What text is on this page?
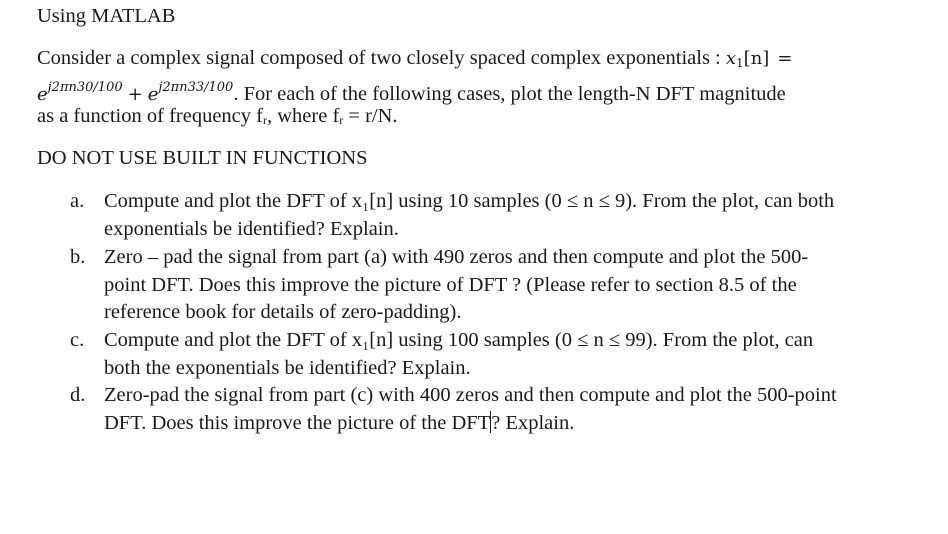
Using MATLAB
Consider a complex signal composed of two closely spaced complex exponentials : $x_1[n]$ =
$e^{j2\pi n30/100} + e^{j2\pi n33/100}$. For each of the following cases, plot the length-N DFT magnitude
as a function of frequency fr, where fr = r/N.
DO NOT USE BUILT IN FUNCTIONS
a. Compute and plot the DFT of x₁[n] using 10 samples (0 ≤ n ≤ 9). From the plot, can both
exponentials be identified? Explain.
b. Zero – pad the signal from part (a) with 490 zeros and then compute and plot the 500-
point DFT. Does this improve the picture of DFT ? (Please refer to section 8.5 of the
reference book for details of zero-padding).
c. Compute and plot the DFT of x₁[n] using 100 samples (0 ≤ n ≤ 99). From the plot, can
both the exponentials be identified? Explain.
d. Zero-pad the signal from part (c) with 400 zeros and then compute and plot the 500-point
DFT. Does this improve the picture of the DFT? Explain.
